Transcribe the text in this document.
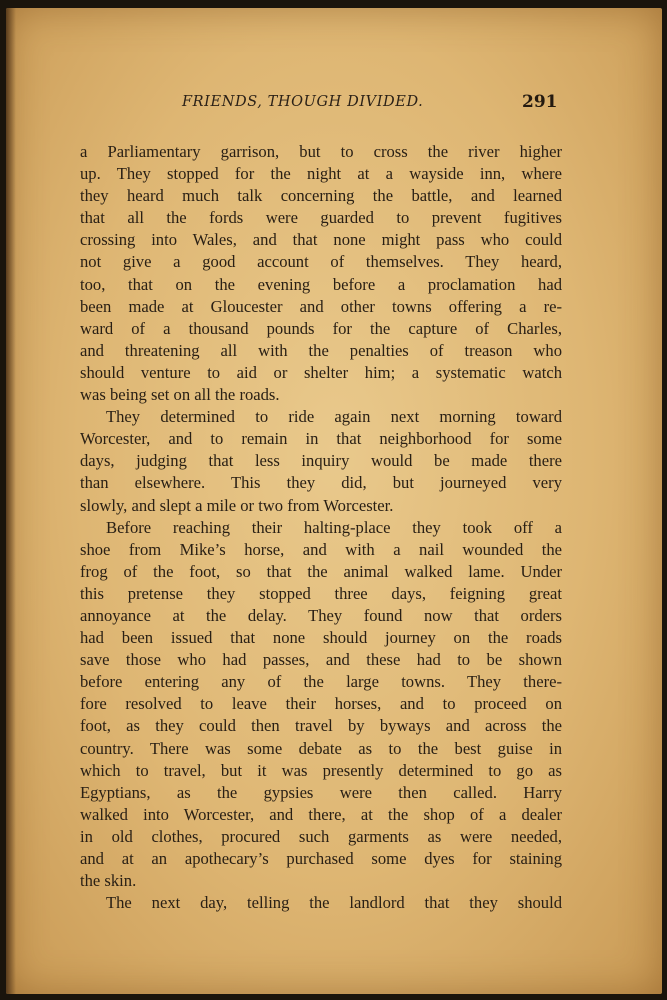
FRIENDS, THOUGH DIVIDED.	291
a Parliamentary garrison, but to cross the river higher
up. They stopped for the night at a wayside inn, where
they heard much talk concerning the battle, and learned
that all the fords were guarded to prevent fugitives
crossing into Wales, and that none might pass who could
not give a good account of themselves. They heard,
too, that on the evening before a proclamation had
been made at Gloucester and other towns offering a re-
ward of a thousand pounds for the capture of Charles,
and threatening all with the penalties of treason who
should venture to aid or shelter him; a systematic watch
was being set on all the roads.
They determined to ride again next morning toward
Worcester, and to remain in that neighborhood for some
days, judging that less inquiry would be made there
than elsewhere. This they did, but journeyed very
slowly, and slept a mile or two from Worcester.
Before reaching their halting-place they took off a
shoe from Mike’s horse, and with a nail wounded the
frog of the foot, so that the animal walked lame. Under
this pretense they stopped three days, feigning great
annoyance at the delay. They found now that orders
had been issued that none should journey on the roads
save those who had passes, and these had to be shown
before entering any of the large towns. They there-
fore resolved to leave their horses, and to proceed on
foot, as they could then travel by byways and across the
country. There was some debate as to the best guise in
which to travel, but it was presently determined to go as
Egyptians, as the gypsies were then called. Harry
walked into Worcester, and there, at the shop of a dealer
in old clothes, procured such garments as were needed,
and at an apothecary’s purchased some dyes for staining
the skin.
The next day, telling the landlord that they should
